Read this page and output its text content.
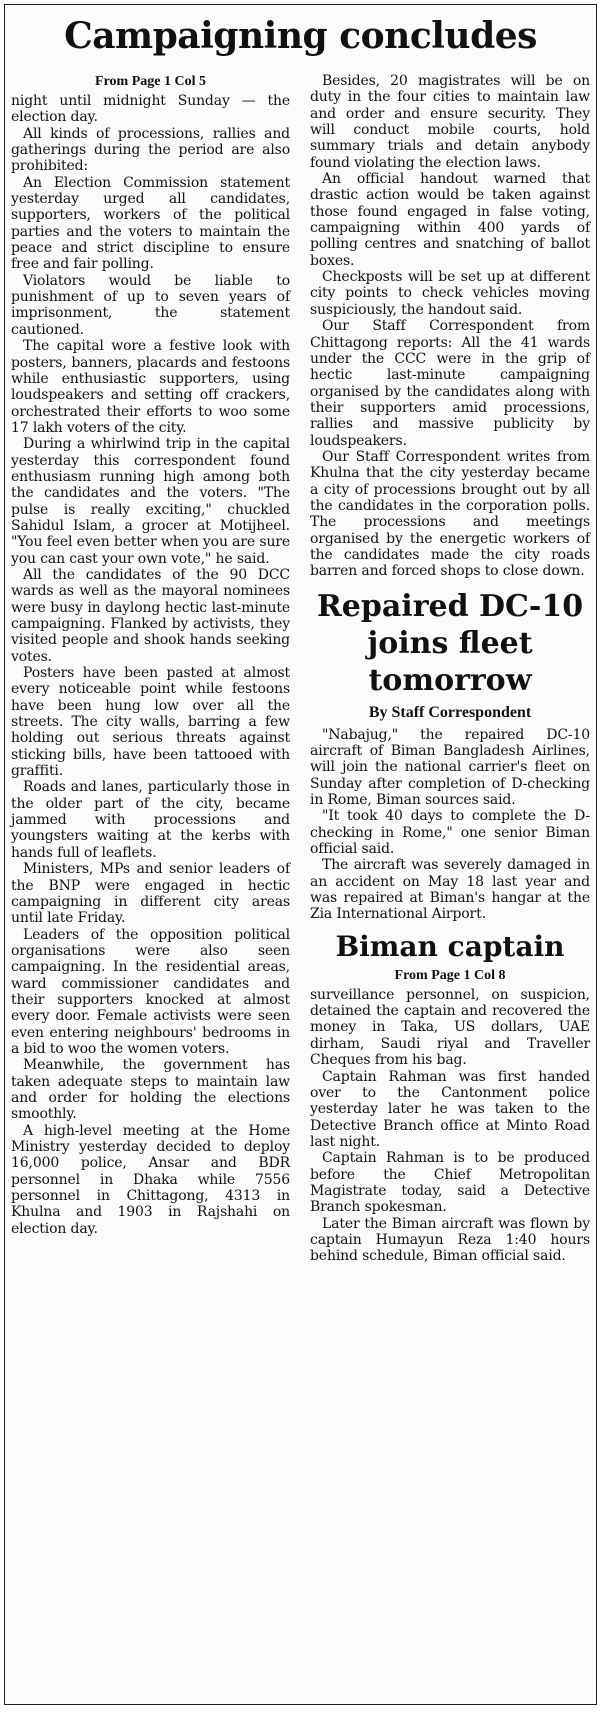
Campaigning concludes
From Page 1 Col 5

night until midnight Sunday — the election day.

All kinds of processions, rallies and gatherings during the period are also prohibited:

An Election Commission statement yesterday urged all candidates, supporters, workers of the political parties and the voters to maintain the peace and strict discipline to ensure free and fair polling.

Violators would be liable to punishment of up to seven years of imprisonment, the statement cautioned.

The capital wore a festive look with posters, banners, placards and festoons while enthusiastic supporters, using loudspeakers and setting off crackers, orchestrated their efforts to woo some 17 lakh voters of the city.

During a whirlwind trip in the capital yesterday this correspondent found enthusiasm running high among both the candidates and the voters. "The pulse is really exciting," chuckled Sahidul Islam, a grocer at Motijheel. "You feel even better when you are sure you can cast your own vote," he said.

All the candidates of the 90 DCC wards as well as the mayoral nominees were busy in daylong hectic last-minute campaigning. Flanked by activists, they visited people and shook hands seeking votes.

Posters have been pasted at almost every noticeable point while festoons have been hung low over all the streets. The city walls, barring a few holding out serious threats against sticking bills, have been tattooed with graffiti.

Roads and lanes, particularly those in the older part of the city, became jammed with processions and youngsters waiting at the kerbs with hands full of leaflets.

Ministers, MPs and senior leaders of the BNP were engaged in hectic campaigning in different city areas until late Friday.

Leaders of the opposition political organisations were also seen campaigning. In the residential areas, ward commissioner candidates and their supporters knocked at almost every door. Female activists were seen even entering neighbours' bedrooms in a bid to woo the women voters.

Meanwhile, the government has taken adequate steps to maintain law and order for holding the elections smoothly.

A high-level meeting at the Home Ministry yesterday decided to deploy 16,000 police, Ansar and BDR personnel in Dhaka while 7556 personnel in Chittagong, 4313 in Khulna and 1903 in Rajshahi on election day.

Besides, 20 magistrates will be on duty in the four cities to maintain law and order and ensure security. They will conduct mobile courts, hold summary trials and detain anybody found violating the election laws.

An official handout warned that drastic action would be taken against those found engaged in false voting, campaigning within 400 yards of polling centres and snatching of ballot boxes.

Checkposts will be set up at different city points to check vehicles moving suspiciously, the handout said.

Our Staff Correspondent from Chittagong reports: All the 41 wards under the CCC were in the grip of hectic last-minute campaigning organised by the candidates along with their supporters amid processions, rallies and massive publicity by loudspeakers.

Our Staff Correspondent writes from Khulna that the city yesterday became a city of processions brought out by all the candidates in the corporation polls. The processions and meetings organised by the energetic workers of the candidates made the city roads barren and forced shops to close down.

Repaired DC-10 joins fleet tomorrow
By Staff Correspondent

"Nabajug," the repaired DC-10 aircraft of Biman Bangladesh Airlines, will join the national carrier's fleet on Sunday after completion of D-checking in Rome, Biman sources said.

"It took 40 days to complete the D-checking in Rome," one senior Biman official said.

The aircraft was severely damaged in an accident on May 18 last year and was repaired at Biman's hangar at the Zia International Airport.

Biman captain
From Page 1 Col 8

surveillance personnel, on suspicion, detained the captain and recovered the money in Taka, US dollars, UAE dirham, Saudi riyal and Traveller Cheques from his bag.

Captain Rahman was first handed over to the Cantonment police yesterday later he was taken to the Detective Branch office at Minto Road last night.

Captain Rahman is to be produced before the Chief Metropolitan Magistrate today, said a Detective Branch spokesman.

Later the Biman aircraft was flown by captain Humayun Reza 1:40 hours behind schedule, Biman official said.
